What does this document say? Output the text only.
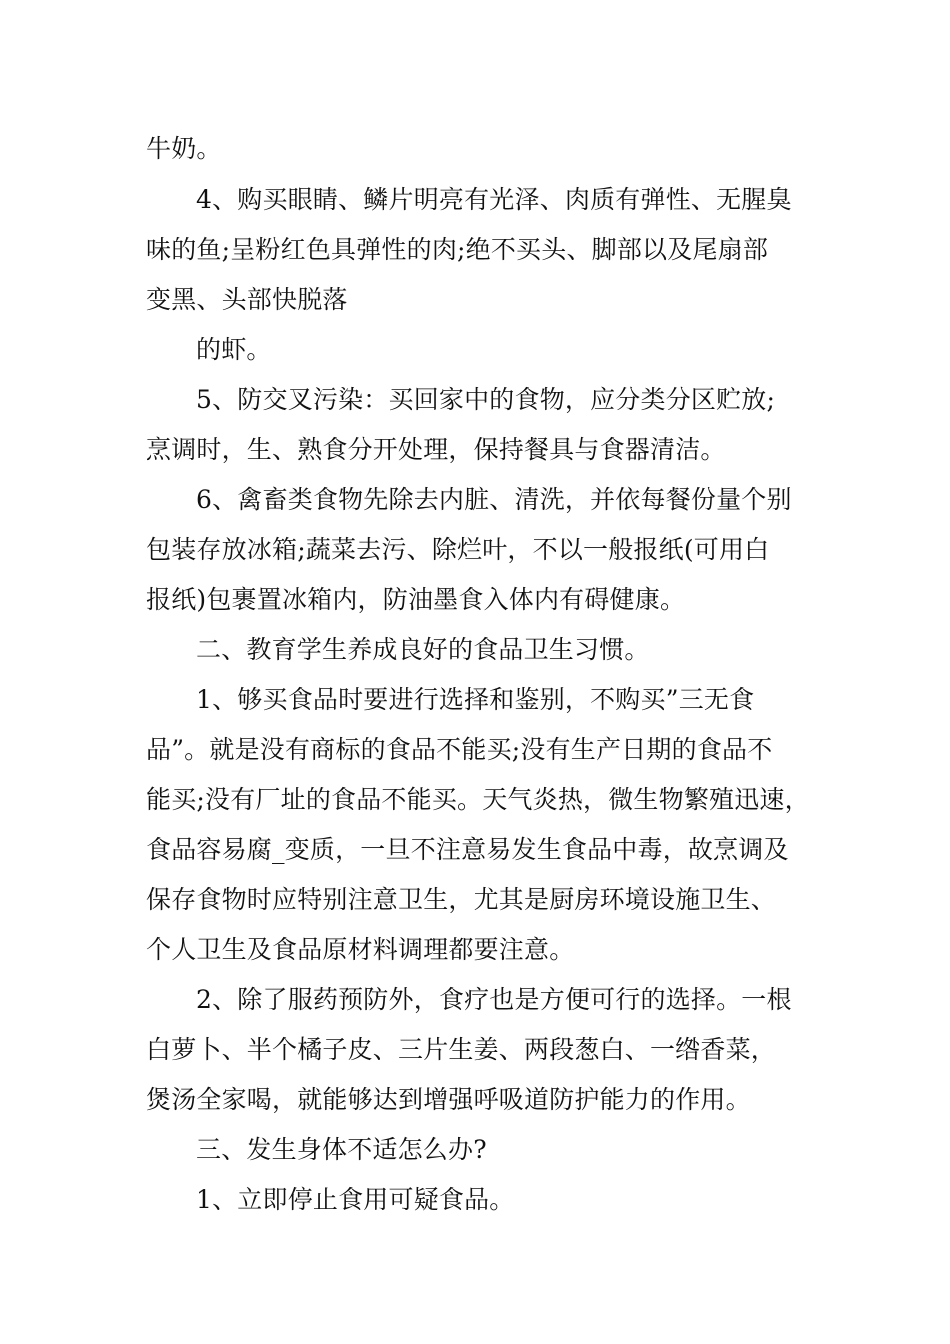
牛奶。
4、购买眼睛、鳞片明亮有光泽、肉质有弹性、无腥臭
味的鱼;呈粉红色具弹性的肉;绝不买头、脚部以及尾扇部
变黑、头部快脱落
的虾。
5、防交叉污染：买回家中的食物，应分类分区贮放;
烹调时，生、熟食分开处理，保持餐具与食器清洁。
6、禽畜类食物先除去内脏、清洗，并依每餐份量个别
包装存放冰箱;蔬菜去污、除烂叶，不以一般报纸(可用白
报纸)包裹置冰箱内，防油墨食入体内有碍健康。
二、教育学生养成良好的食品卫生习惯。
1、够买食品时要进行选择和鉴别，不购买”三无食
品”。就是没有商标的食品不能买;没有生产日期的食品不
能买;没有厂址的食品不能买。天气炎热，微生物繁殖迅速，
食品容易腐_变质，一旦不注意易发生食品中毒，故烹调及
保存食物时应特别注意卫生，尤其是厨房环境设施卫生、
个人卫生及食品原材料调理都要注意。
2、除了服药预防外，食疗也是方便可行的选择。一根
白萝卜、半个橘子皮、三片生姜、两段葱白、一绺香菜，
煲汤全家喝，就能够达到增强呼吸道防护能力的作用。
三、发生身体不适怎么办?
1、立即停止食用可疑食品。
